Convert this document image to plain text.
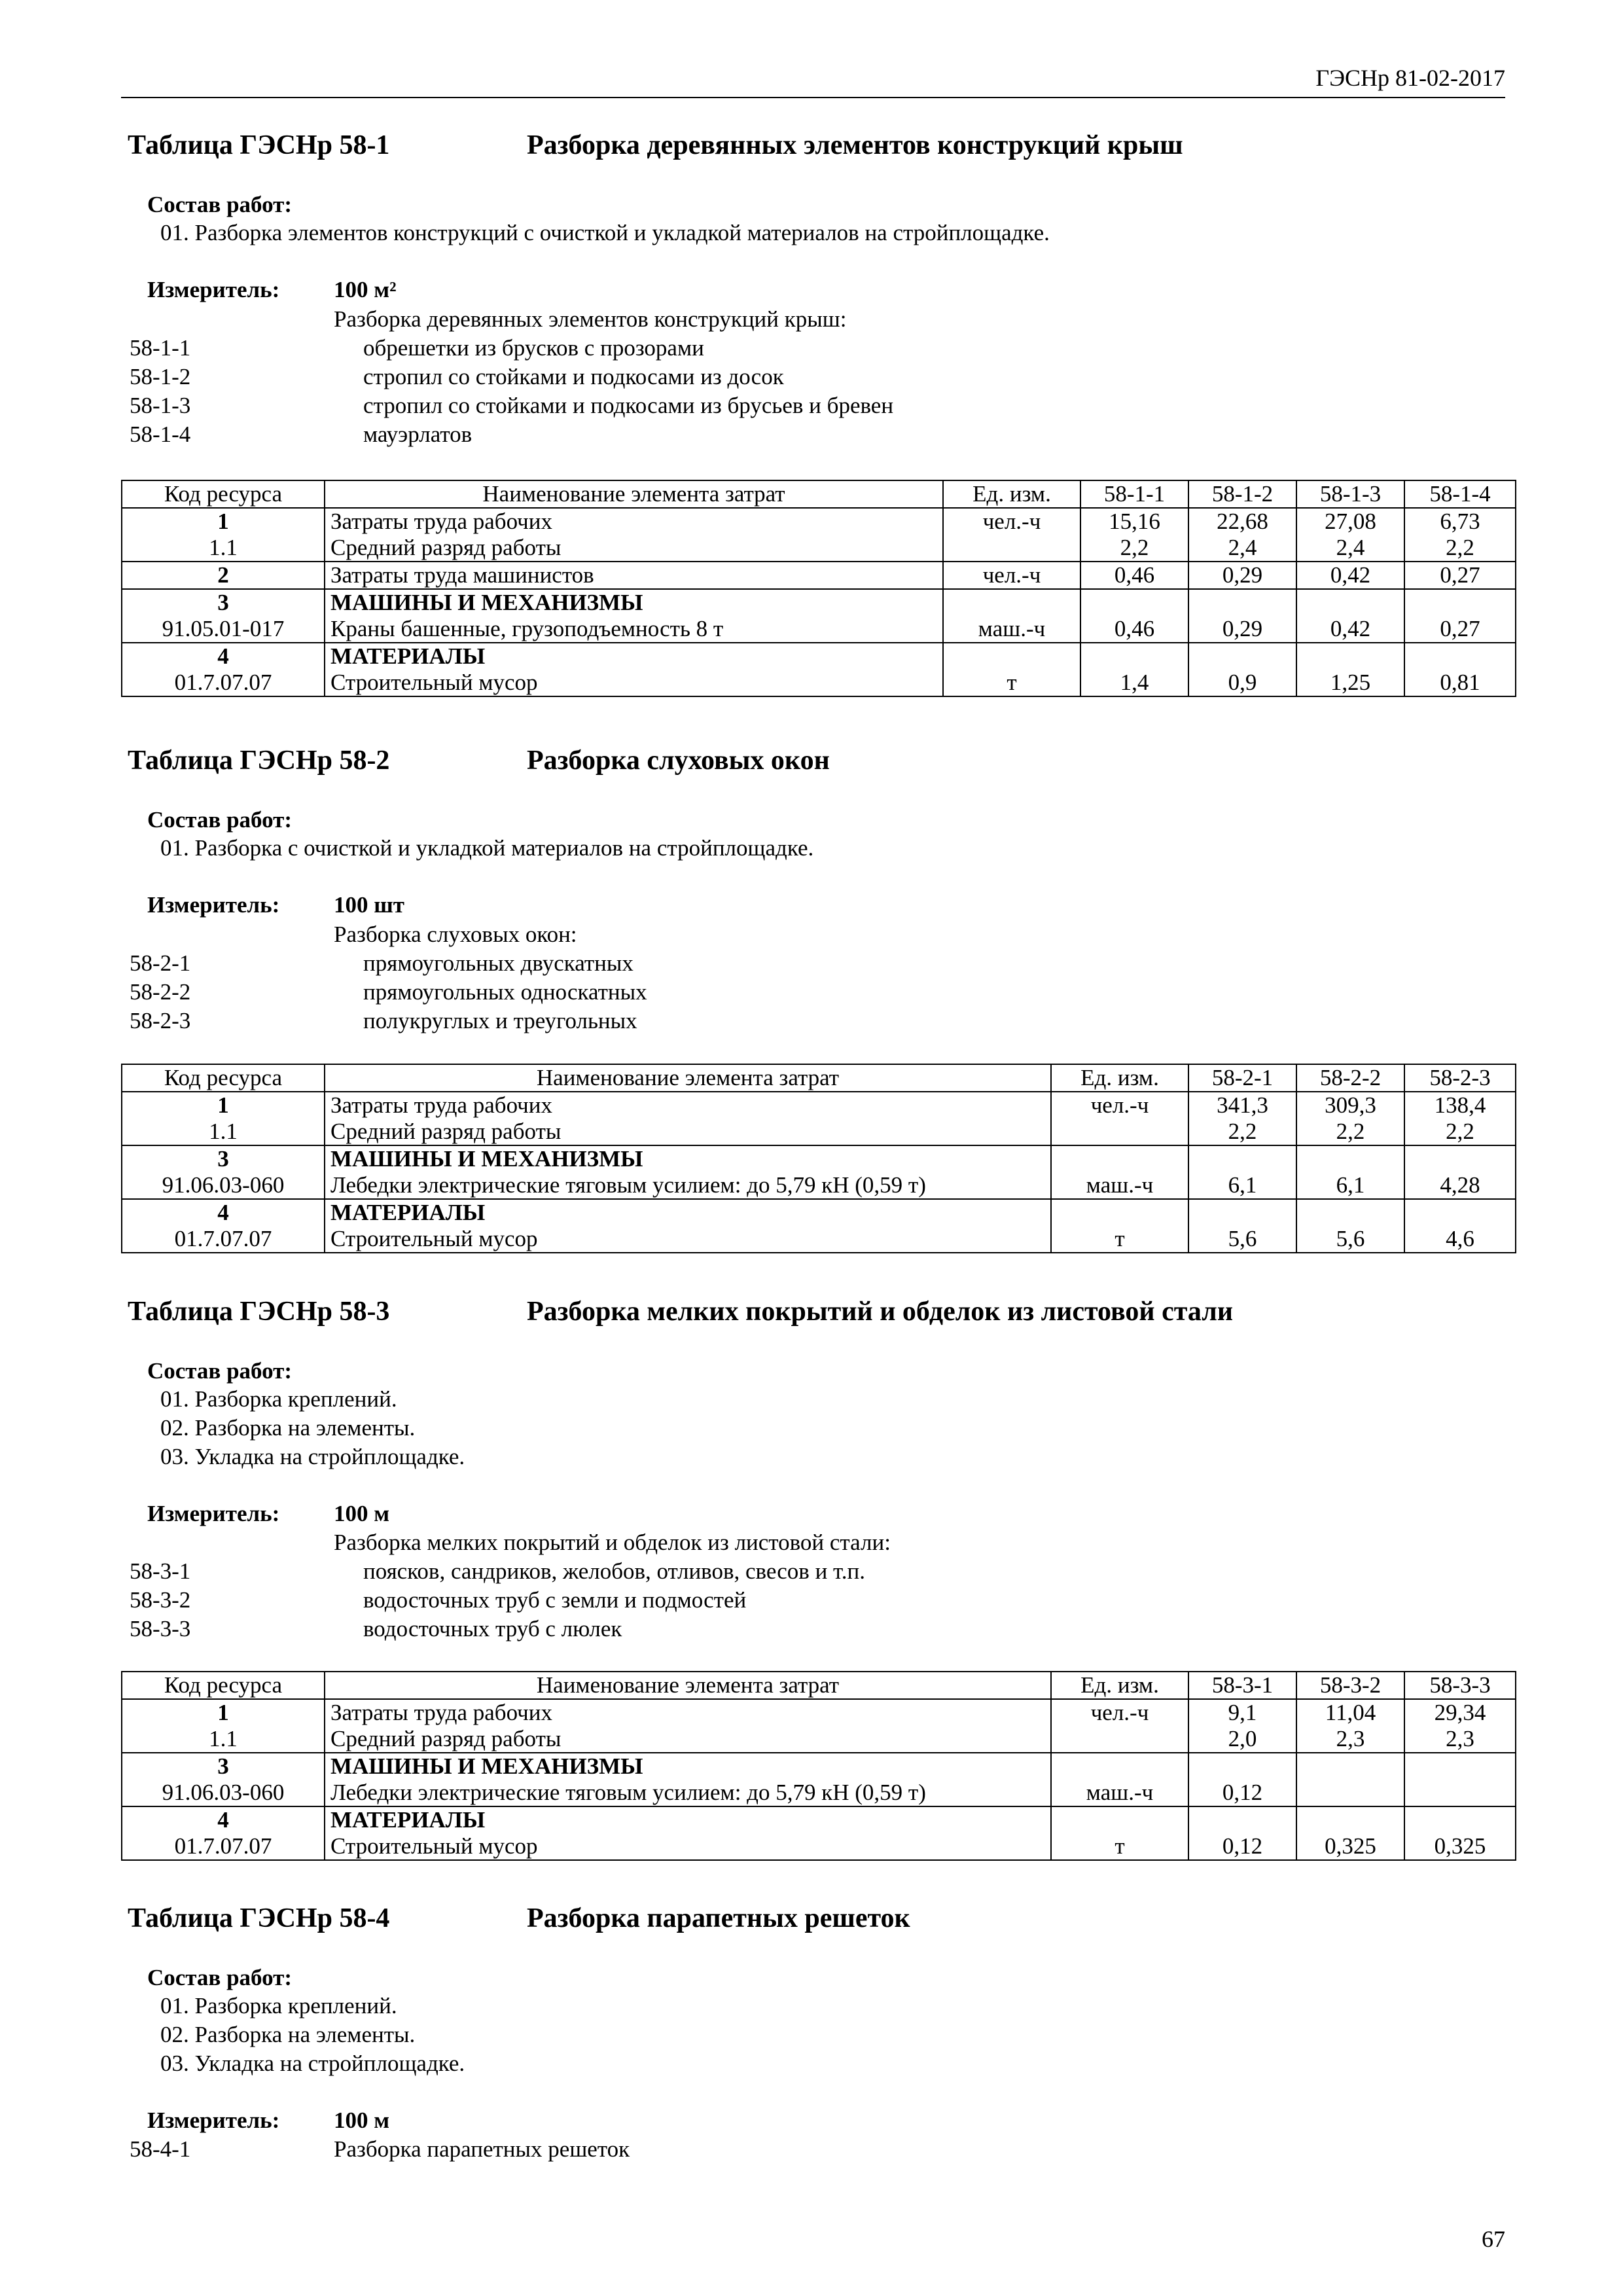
ГЭСНр 81-02-2017
Таблица ГЭСНр 58-1	Разборка деревянных элементов конструкций крыш
Состав работ:
01. Разборка элементов конструкций с очисткой и укладкой материалов на стройплощадке.
Измеритель: 100 м²
Разборка деревянных элементов конструкций крыш:
58-1-1	обрешетки из брусков с прозорами
58-1-2	стропил со стойками и подкосами из досок
58-1-3	стропил со стойками и подкосами из брусьев и бревен
58-1-4	мауэрлатов
Код ресурса	Наименование элемента затрат	Ед. изм.	58-1-1	58-1-2	58-1-3	58-1-4
1	Затраты труда рабочих	чел.-ч	15,16	22,68	27,08	6,73
1.1	Средний разряд работы		2,2	2,4	2,4	2,2
2	Затраты труда машинистов	чел.-ч	0,46	0,29	0,42	0,27
3	МАШИНЫ И МЕХАНИЗМЫ					
91.05.01-017	Краны башенные, грузоподъемность 8 т	маш.-ч	0,46	0,29	0,42	0,27
4	МАТЕРИАЛЫ					
01.7.07.07	Строительный мусор	т	1,4	0,9	1,25	0,81
Таблица ГЭСНр 58-2	Разборка слуховых окон
Состав работ:
01. Разборка с очисткой и укладкой материалов на стройплощадке.
Измеритель: 100 шт
Разборка слуховых окон:
58-2-1	прямоугольных двускатных
58-2-2	прямоугольных односкатных
58-2-3	полукруглых и треугольных
Код ресурса	Наименование элемента затрат	Ед. изм.	58-2-1	58-2-2	58-2-3
1	Затраты труда рабочих	чел.-ч	341,3	309,3	138,4
1.1	Средний разряд работы		2,2	2,2	2,2
3	МАШИНЫ И МЕХАНИЗМЫ				
91.06.03-060	Лебедки электрические тяговым усилием: до 5,79 кН (0,59 т)	маш.-ч	6,1	6,1	4,28
4	МАТЕРИАЛЫ				
01.7.07.07	Строительный мусор	т	5,6	5,6	4,6
Таблица ГЭСНр 58-3	Разборка мелких покрытий и обделок из листовой стали
Состав работ:
01. Разборка креплений.
02. Разборка на элементы.
03. Укладка на стройплощадке.
Измеритель: 100 м
Разборка мелких покрытий и обделок из листовой стали:
58-3-1	поясков, сандриков, желобов, отливов, свесов и т.п.
58-3-2	водосточных труб с земли и подмостей
58-3-3	водосточных труб с люлек
Код ресурса	Наименование элемента затрат	Ед. изм.	58-3-1	58-3-2	58-3-3
1	Затраты труда рабочих	чел.-ч	9,1	11,04	29,34
1.1	Средний разряд работы		2,0	2,3	2,3
3	МАШИНЫ И МЕХАНИЗМЫ				
91.06.03-060	Лебедки электрические тяговым усилием: до 5,79 кН (0,59 т)	маш.-ч	0,12		
4	МАТЕРИАЛЫ				
01.7.07.07	Строительный мусор	т	0,12	0,325	0,325
Таблица ГЭСНр 58-4	Разборка парапетных решеток
Состав работ:
01. Разборка креплений.
02. Разборка на элементы.
03. Укладка на стройплощадке.
Измеритель: 100 м
58-4-1	Разборка парапетных решеток
67
